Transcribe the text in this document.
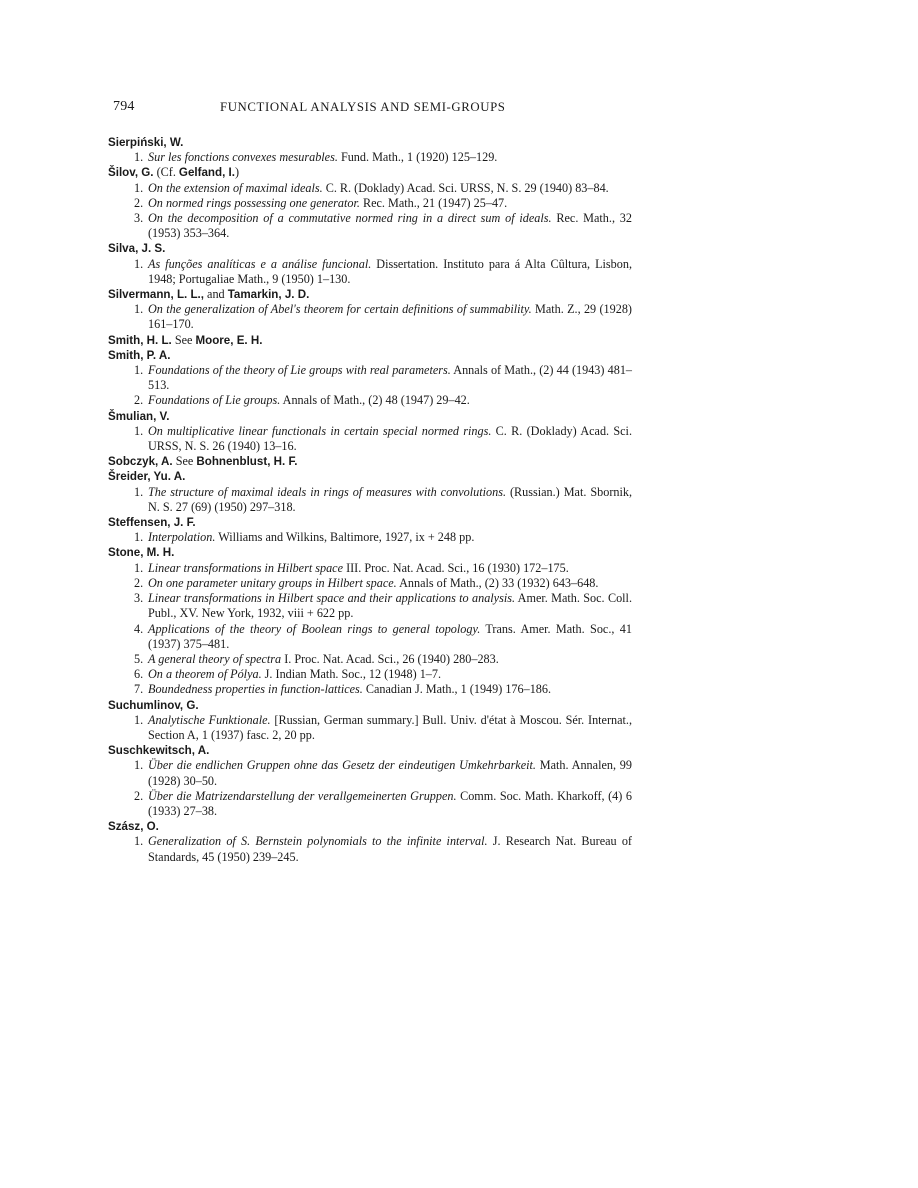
794	FUNCTIONAL ANALYSIS AND SEMI-GROUPS

Sierpiński, W.

1. Sur les fonctions convexes mesurables. Fund. Math., 1 (1920) 125–129.

Šilov, G. (Cf. Gelfand, I.)

1. On the extension of maximal ideals. C. R. (Doklady) Acad. Sci. URSS, N. S. 29 (1940) 83–84.

2. On normed rings possessing one generator. Rec. Math., 21 (1947) 25–47.

3. On the decomposition of a commutative normed ring in a direct sum of ideals. Rec. Math., 32 (1953) 353–364.

Silva, J. S.

1. As funções analíticas e a análise funcional. Dissertation. Instituto para á Alta Cûltura, Lisbon, 1948; Portugaliae Math., 9 (1950) 1–130.

Silvermann, L. L., and Tamarkin, J. D.

1. On the generalization of Abel's theorem for certain definitions of summability. Math. Z., 29 (1928) 161–170.

Smith, H. L. See Moore, E. H.

Smith, P. A.

1. Foundations of the theory of Lie groups with real parameters. Annals of Math., (2) 44 (1943) 481–513.

2. Foundations of Lie groups. Annals of Math., (2) 48 (1947) 29–42.

Šmulian, V.

1. On multiplicative linear functionals in certain special normed rings. C. R. (Doklady) Acad. Sci. URSS, N. S. 26 (1940) 13–16.

Sobczyk, A. See Bohnenblust, H. F.

Šreider, Yu. A.

1. The structure of maximal ideals in rings of measures with convolutions. (Russian.) Mat. Sbornik, N. S. 27 (69) (1950) 297–318.

Steffensen, J. F.

1. Interpolation. Williams and Wilkins, Baltimore, 1927, ix + 248 pp.

Stone, M. H.

1. Linear transformations in Hilbert space III. Proc. Nat. Acad. Sci., 16 (1930) 172–175.

2. On one parameter unitary groups in Hilbert space. Annals of Math., (2) 33 (1932) 643–648.

3. Linear transformations in Hilbert space and their applications to analysis. Amer. Math. Soc. Coll. Publ., XV. New York, 1932, viii + 622 pp.

4. Applications of the theory of Boolean rings to general topology. Trans. Amer. Math. Soc., 41 (1937) 375–481.

5. A general theory of spectra I. Proc. Nat. Acad. Sci., 26 (1940) 280–283.

6. On a theorem of Pólya. J. Indian Math. Soc., 12 (1948) 1–7.

7. Boundedness properties in function-lattices. Canadian J. Math., 1 (1949) 176–186.

Suchumlinov, G.

1. Analytische Funktionale. [Russian, German summary.] Bull. Univ. d'état à Moscou. Sér. Internat., Section A, 1 (1937) fasc. 2, 20 pp.

Suschkewitsch, A.

1. Über die endlichen Gruppen ohne das Gesetz der eindeutigen Umkehrbarkeit. Math. Annalen, 99 (1928) 30–50.

2. Über die Matrizendarstellung der verallgemeinerten Gruppen. Comm. Soc. Math. Kharkoff, (4) 6 (1933) 27–38.

Szász, O.

1. Generalization of S. Bernstein polynomials to the infinite interval. J. Research Nat. Bureau of Standards, 45 (1950) 239–245.
